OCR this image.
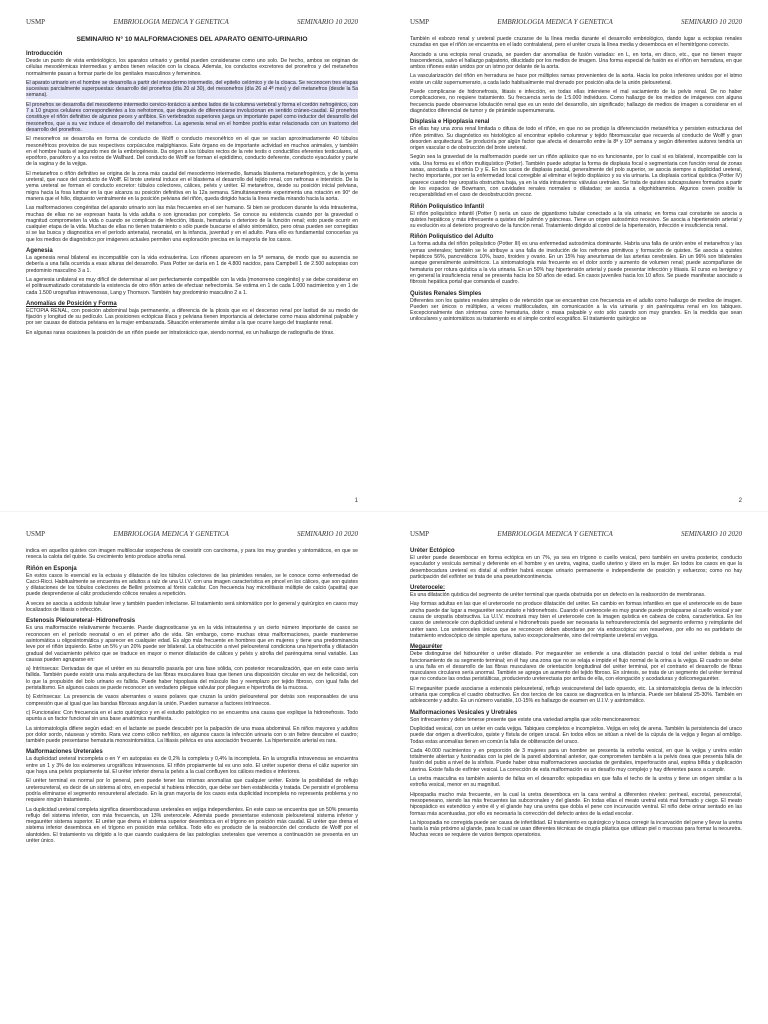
USMP	EMBRIOLOGIA MEDICA Y GENETICA	SEMINARIO 10 2020
SEMINARIO N° 10 MALFORMACIONES DEL APARATO GENITO-URINARIO
Introducción

Desde un punto de vista embriológico, los aparatos urinario y genital pueden considerarse como uno solo. De hecho, ambos se originan de células mesodérmicas intermedias y ambos tienen relación con la cloaca. Además, los conductos excretores del pronefros y del metanefros normalmente pasan a formar parte de los genitales masculinos y femeninos.

El aparato urinario en el hombre se desarrolla a partir del mesodermo intermedio, del epitelio celómico y de la cloaca. Se reconocen tres etapas sucesivas parcialmente superpuestas: desarrollo del pronefros (día 20 al 30), del mesonefros (día 26 al 4ª mes) y del metanefros (desde la 5a semana).

El pronefros se desarrolla del mesodermo intermedio cervico-torácico a ambos lados de la columna vertebral y forma el cordón nefrogénico, con 7 a 10 grupos celulares correspondientes a los nefrotomos, que después de diferenciarse involucionan en sentido cráneo-caudal. El pronefros constituye el riñón definitivo de algunos peces y anfibios. En vertebrados superiores juega un importante papel como inductor del desarrollo del mesonefros, que a su vez induce el desarrollo del metanefros. La agenesia renal en el hombre podría estar relacionada con un trastorno del desarrollo del pronefros.

El mesonefros se desarrolla en forma de conducto de Wolff o conducto mesonéfrico en el que se vacían aproximadamente 40 túbulos mesonéfricos provistos de sus respectivos corpúsculos malpighianos. Este órgano es de importante actividad en muchos animales, y también en el hombre hasta el segundo mes de la embriogénesis. Da origen a los túbulos rectos de la rete testis o conductillos eferentes testiculares, al epoóforo, paraóforo y a los restos de Wallhard. Del conducto de Wolff se forman el epidídimo, conducto deferente, conducto eyaculador y parte de la vagina y de la vejiga.

El metanefros o riñón definitivo se origina de la zona más caudal del mesodermo intermedio, llamada blastema metanefrogénico, y de la yema ureteral, que nace del conducto de Wolff. El brote ureteral induce en el blastema el desarrollo del tejido renal, con nefronas e intersticio. De la yema ureteral se forman el conducto excretor: túbulos colectores, cálices, pelvis y uréter. El metanefros, desde su posición inicial pelviana, migra hacia la fosa lumbar en la que alcanza su posición definitiva en la 12a semana. Simultáneamente experimenta una rotación en 90° de manera que el hilio, dispuesto ventralmente en la posición pelviana del riñón, queda dirigido hacia la línea media mirando hacia la aorta.

Las malformaciones congénitas del aparato urinario son las más frecuentes en el ser humano. Si bien se producen durante la vida intrauterina, muchas de ellas no se expresan hasta la vida adulta o son ignoradas por completo. Se conoce su existencia cuando por la gravedad o magnitud comprometen la vida o cuando se complican de infección, litiasis, hematuria o deterioro de la función renal; esto puede ocurrir en cualquier etapa de la vida. Muchas de ellas no tienen tratamiento o sólo puede buscarse el alivio sintomático, pero otras pueden ser corregidas si se las busca y diagnostica en el período antenatal, neonatal, en la infancia, juventud y en el adulto. Para ello es fundamental conocerlas ya que los medios de diagnóstico por imágenes actuales permiten una exploración precisa en la mayoría de los casos.

Agenesia

La agenesia renal bilateral es incompatible con la vida extrauterina. Los riñones aparecen en la 5ª semana, de modo que su ausencia se debería a una falla ocurrida a esas alturas del desarrollo. Para Potter se daría en 1 de 4.800 nacidos, para Campbell 1 de 2.500 autopsias con predominio masculino 3 a 1.

La agenesia unilateral es muy difícil de determinar al ser perfectamente compatible con la vida (monorreno congénito) y se debe considerar en el politraumatizado constatando la existencia de otro riñón antes de efectuar nefrectomía. Se estima en 1 de cada 1.000 nacimientos y en 1 de cada 1.500 urografías intravenosas, Lang y Thomson. También hay predominio masculino 2 a 1.

Anomalías de Posición y Forma

ECTOPIA RENAL, con posición abdominal baja permanente, a diferencia de la ptosis que es el descenso renal por laxitud de su medio de fijación y longitud de su pedículo. Las posiciones ectópicas ilíaca y pelviana tienen importancia al detectarse como masa abdominal palpable y por ser causas de distocia pelviana en la mujer embarazada. Situación enteramente similar a la que ocurre luego del trasplante renal.

En algunas raras ocasiones la posición de un riñón puede ser intratorácico que, siendo normal, es un hallazgo de radiografía de tórax.

1
USMP	EMBRIOLOGIA MEDICA Y GENETICA	SEMINARIO 10 2020

También el esbozo renal y ureteral puede cruzarse de la línea media durante el desarrollo embriológico, dando lugar a ectopias renales cruzadas en que el riñón se encuentra en el lado contralateral, pero el uréter cruza la línea media y desemboca en el hemitrígono correcto.

Asociado a una ectopia renal cruzada, se pueden dar anomalías de fusión variadas: en L, en torta, en disco, etc., que no tienen mayor trascendencia, salvo el hallazgo palpatorio, dilucidado por los medios de imagen. Una forma especial de fusión es el riñón en herradura, en que ambos riñones están unidos por un istmo por delante de la aorta.

La vascularización del riñón en herradura se hace por múltiples ramas provenientes de la aorta. Hacia los polos inferiores unidos por el istmo existe un cáliz supernumerario, a cada lado habitualmente mal drenado por posición alta de la unión pieloureteral.

Puede complicarse de hidronefrosis, litiasis e infección, en todas ellas interviene el mal vaciamiento de la pelvis renal. De no haber complicaciones, no requiere tratamiento. Su frecuencia sería de 1:5.000 individuos. Como hallazgo de los medios de imágenes con alguna frecuencia puede observarse lobulación renal que es un resto del desarrollo, sin significado; hallazgo de medios de imagen a considerar en el diagnóstico diferencial de tumor y de pirámide supernumeraria.

Displasia e Hipoplasia renal

En ellas hay una zona renal limitada o difusa de todo el riñón, en que no se produjo la diferenciación metanéfrica y persisten estructuras del riñón primitivo. Su diagnóstico es histológico al encontrar epitelio columnar y tejido fibromuscular que recuerda al conducto de Wolff y gran desorden arquitectural. Se produciría por algún factor que afecta el desarrollo entre la 8ª y 10ª semana y según diferentes autores tendría un origen vascular o de obstrucción del brote ureteral.

Según sea la gravedad de la malformación puede ser un riñón aplásico que no es funcionante, por lo cual si es bilateral, incompatible con la vida. Una forma es el riñón multiquístico (Potter). También puede adoptar la forma de displasia focal o segmentaria con función renal de zonas sanas, asociada a trisomía D y E. En los casos de displasia parcial, generalmente del polo superior, se asocia siempre a duplicidad ureteral, hecho importante, por ser la enfermedad local corregible al eliminar el tejido displásico y su vía urinaria. La displasia cortical quística (Potter IV) aparece cuando hay uropatía obstructiva baja, ya en la vida intrauterina: válvulas uretrales. Se trata de quistes subcapsulares formados a partir de los espacios de Bowmann, con cavidades renales normales o dilatadas; se asocia a oligohidramnios. Algunos creen posible la recuperabilidad en el caso de desobstrucción precoz.

Riñón Poliquístico Infantil

El riñón poliquístico infantil (Potter I) sería un caso de gigantismo tubular conectado a la vía urinaria; en forma casi constante se asocia a quistes hepáticos y más infrecuente a quistes del pulmón y páncreas. Tiene un origen autosómico recesivo. Se asocia a hipertensión arterial y su evolución es al deterioro progresivo de la función renal. Tratamiento dirigido al control de la hipertensión, infección e insuficiencia renal.

Riñón Poliquístico del Adulto

La forma adulta del riñón poliquístico (Potter III) es una enfermedad autosómica dominante. Habría una falla de unión entre el metanefros y las yemas ureterales; también se le atribuye a una falla de involución de los nefrones primitivos y formación de quistes. Se asocia a quistes hepáticos 56%, pancreáticos 10%, bazo, tiroides y ovario. En un 15% hay aneurismas de las arterias cerebrales. En un 96% son bilaterales aunque generalmente asimétricos. La sintomatología más frecuente es el dolor sordo y aumento de volumen renal; puede acompañarse de hematuria por rotura quística a la vía urinaria. En un 50% hay hipertensión arterial y puede presentar infección y litiasis. El curso es benigno y en general la insuficiencia renal se presenta hacia los 50 años de edad. En casos juveniles hacia los 10 años. Se puede manifestar asociado a fibrosis hepática portal que comanda el cuadro.

Quistes Renales Simples

Diferentes son los quistes renales simples o de retención que se encuentran con frecuencia en el adulto como hallazgo de medios de imagen. Pueden ser únicos o múltiples, a veces multiloculados, sin comunicación a la vía urinaria y sin parénquima renal en los tabiques. Excepcionalmente dan síntomas como hematuria, dolor o masa palpable y esto sólo cuando son muy grandes. En la medida que sean uniloculares y asintomáticos su tratamiento es el simple control ecográfico. El tratamiento quirúrgico se

2
USMP	EMBRIOLOGIA MEDICA Y GENETICA	SEMINARIO 10 2020

indica en aquellos quistes con imagen multilocular sospechosa de coexistir con carcinoma, y para los muy grandes y sintomáticos, en que se reseca la calota del quiste. Su crecimiento lento produce atrofia renal.

Riñón en Esponja

En estos casos lo esencial es la ectasia y dilatación de los túbulos colectores de las pirámides renales, se le conoce como enfermedad de Cacci-Ricci. Habitualmente se encuentra en adultos a raíz de una U.I.V. con una imagen característica en pincel en los cálices, que son quistes y dilataciones de los túbulos colectores de Bellini próximos al fórnix calicilar. Con frecuencia hay microlitiasis múltiple de calcio (apatita) que puede desprenderse al cáliz produciendo cólicos renales a repetición.

A veces se asocia a acidosis tubular leve y también pueden infectarse. El tratamiento será sintomático por lo general y quirúrgico en casos muy localizados de litiasis o infección.

Estenosis Pieloureteral- Hidronefrosis

Es una malformación relativamente frecuente. Puede diagnosticarse ya en la vida intrauterina y un cierto número importante de casos se reconocen en el período neonatal o en el primer año de vida. Sin embargo, como muchas otras malformaciones, puede mantenerse asintomática u oligosintomática y aparecer en cualquier edad. Es algo más frecuente en hombres que en mujeres y tiene una predominancia leve por el riñón izquierdo. Entre un 5% y un 20% puede ser bilateral. La obstrucción a nivel pieloureteral condiciona una hipertrofia y dilatación gradual del vaciamiento pélvico que se traduce en mayor o menor dilatación de cálices y pelvis y atrofia del parénquima renal variable. Las causas pueden agruparse en:

a) Intrínsecas: Derivadas de que el uréter en su desarrollo pasaría por una fase sólida, con posterior recanalización, que en este caso sería fallida. También puede existir una mala arquitectura de las fibras musculares lisas que tienen una disposición circular en vez de helicoidal, con lo que la propulsión del bolo urinario es fallida. Puede haber hipoplasia del músculo liso y reemplazo por tejido fibroso, con igual falla del peristaltismo. En algunos casos se puede reconocer un verdadero pliegue valvular por pliegues e hipertrofia de la mucosa.

b) Extrínsecas: La presencia de vasos aberrantes o vasos polares que cruzan la unión pieloureteral por detrás son responsables de una compresión que al igual que las bandas fibrosas angulan la unión. Pueden sumarse a factores intrínsecos.

c) Funcionales: Con frecuencia en el acto quirúrgico y en el estudio patológico no se encuentra una causa que explique la hidronefrosis. Todo apunta a un factor funcional sin una base anatómica manifiesta.

La sintomatología difiere según edad: en el lactante se puede descubrir por la palpación de una masa abdominal. En niños mayores y adultos por dolor sordo, náuseas y vómito. Rara vez como cólico nefrítico, en algunos casos la infección urinaria con o sin fiebre descubre el cuadro; también puede presentarse hematuria monosintomática. La litiasis pélvica es una asociación frecuente. La hipertensión arterial es rara.

Malformaciones Ureterales

La duplicidad ureteral incompleta o en Y en autopsias es de 0,2% la completa y 0,4% la incompleta. En la urografía intravenosa se encuentra entre un 1 y 3% de los exámenes urográficos intravenosos. El riñón propiamente tal es uno solo. El uréter superior drena el cáliz superior sin que haya una pelvis propiamente tal. El uréter inferior drena la pelvis a la cual confluyen los cálices medios e inferiores.

El uréter terminal es normal por lo general, pero puede tener las mismas anomalías que cualquier uréter. Existe la posibilidad de reflujo ureteroureteral, es decir de un sistema al otro, en especial si hubiera infección, que debe ser bien establecida y tratada. De persistir el problema podría eliminarse el segmento renoureteral afectado. En la gran mayoría de los casos esta duplicidad incompleta no representa problema y no requiere ningún tratamiento.

La duplicidad ureteral completa significa desembocaduras ureterales en vejiga independientes. En este caso se encuentra que un 50% presenta reflujo del sistema inferior, con más frecuencia, un 13% ureterocele. Además puede presentarse estenosis pieloureteral sistema inferior y megauréter sistema superior. El uréter que drena el sistema superior desemboca en el trígono en posición más caudal. El uréter que drena el sistema inferior desemboca en el trígono en posición más cefálica. Todo ello es producto de la reabsorción del conducto de Wolff por el alantoides. El tratamiento va dirigido a lo que cuando cualquiera de las patologías ureterales que veremos a continuación se presenta en un uréter único.

USMP	EMBRIOLOGIA MEDICA Y GENETICA	SEMINARIO 10 2020
Uréter Ectópico

El uréter puede desembocar en forma ectópica en un 7%, ya sea en trígono o cuello vesical, pero también en uretra posterior, conducto eyaculador y vesícula seminal y deferente en el hombre y en uretra, vagina, cuello uterino y útero en la mujer. En todos los casos en que la desembocadura ureteral es distal al esfínter habrá escape urinario permanente e independiente de posición y esfuerzos; como no hay participación del esfínter se trata de una pseudoincontinencia.

Ureterocele:

Es una dilatación quística del segmento de uréter terminal que queda obstruida por un defecto en la reabsorción de membranas.

Hay formas adultas en las que el ureterocele no produce dilatación del uréter. En cambio en formas infantiles en que el ureterocele es de base ancha puede dar lugar a megauréter secundario e hidronefrosis. Cuando el ureterocele es muy grande puede prolapsarse al cuello vesical y ser causa de uropatía obstructiva. La U.I.V. mostrará muy bien el ureterocele con la imagen quística en cabeza de cobra, característica. En los casos de ureterocele con duplicidad ureteral e hidronefrosis puede ser necesaria la nefroureterectomía del segmento enfermo y reimplante del uréter sano. Los ureteroceles únicos que se reconocen deben abordarse por vía endoscópica: son resuelves, por ello no es partidario de tratamiento endoscópico de simple apertura, salvo excepcionalmente, sino del reimplante ureteral en vejiga.

Megauréter

Debe distinguirse del hidrouréter o uréter dilatado. Por megauréter se entiende a una dilatación parcial o total del uréter debida a mal funcionamiento de su segmento terminal; en él hay una zona que no se relaja e impide el flujo normal de la orina a la vejiga. El cuadro se debe a una falla en el desarrollo de las fibras musculares de orientación longitudinal del uréter terminal, por el contrario el desarrollo de fibras musculares circulares sería anormal. También se agrega un aumento del tejido fibroso. En síntesis, se trata de un segmento del uréter terminal que no conduce las ondas peristálticas, produciendo ureterectasia por arriba de ella, con elongación y acodaduras y dolicomegauréter.

El megauréter puede asociarse a estenosis pieloureteral, reflujo vesicoureteral del lado opuesto, etc. La sintomatología deriva de la infección urinaria que complica el cuadro obstructivo. En dos tercios de los casos se diagnostica en la infancia. Puede ser bilateral 25-30%. También en adolescente y adulto. Es un número variable, 10-15% es hallazgo de examen en U.I.V. y asintomático.

Malformaciones Vesicales y Uretrales

Son infrecuentes y debe tenerse presente que existe una variedad amplia que sólo mencionaremos:

Duplicidad vesical, con un uréter en cada vejiga. Tabiques completos e incompletos. Vejiga en reloj de arena. También la persistencia del uraco puede dar origen a divertículos, quiste y fístula de origen uracal. En todos ellos se sitúan a nivel de la cúpula de la vejiga y llegan al ombligo. Todas estas anomalías tienen en común la falla de obliteración del uraco.

Cada 40.000 nacimientos y en proporción de 3 mujeres para un hombre se presenta la extrofia vesical, en que la vejiga y uretra están totalmente abiertas y fusionadas con la piel de la pared abdominal anterior, que comprometen también a la pelvis ósea que presenta falla de fusión del pubis a nivel de la sínfisis. Puede haber otras malformaciones asociadas de genitales, imperforación anal, espina bífida y duplicación uterina. Existe falla de esfínter vesical. La corrección de esta malformación es un desafío muy complejo y hay diferentes pasos a cumplir.

La uretra masculina es también asiento de fallas en el desarrollo: epispadias en que falla el techo de la uretra y tiene un origen similar a la extrofia vesical, menor en su magnitud.

Hipospadia mucho más frecuente, en la cual la uretra desemboca en la cara ventral a diferentes niveles: perineal, escrotal, penescrotal, mesopeneano, siendo las más frecuentes las subcoronales y del glande. En todas ellas el meato uretral está mal formado y ciego. El meato hipospádico es estenótico y entre él y el glande hay una uretra que dobla el pene con incurvación ventral. El niño debe orinar sentado en las formas más acentuadas, por ello es necesaria la corrección del defecto antes de la edad escolar.

La hipospadia no corregida puede ser causa de infertilidad. El tratamiento es quirúrgico y busca corregir la incurvación del pene y llevar la uretra hasta la más próximo al glande, para lo cual se usan diferentes técnicas de cirugía plástica que utilizan piel o mucosas para formar la neouretra. Muchas veces se requiere de varios tiempos operatorios.
